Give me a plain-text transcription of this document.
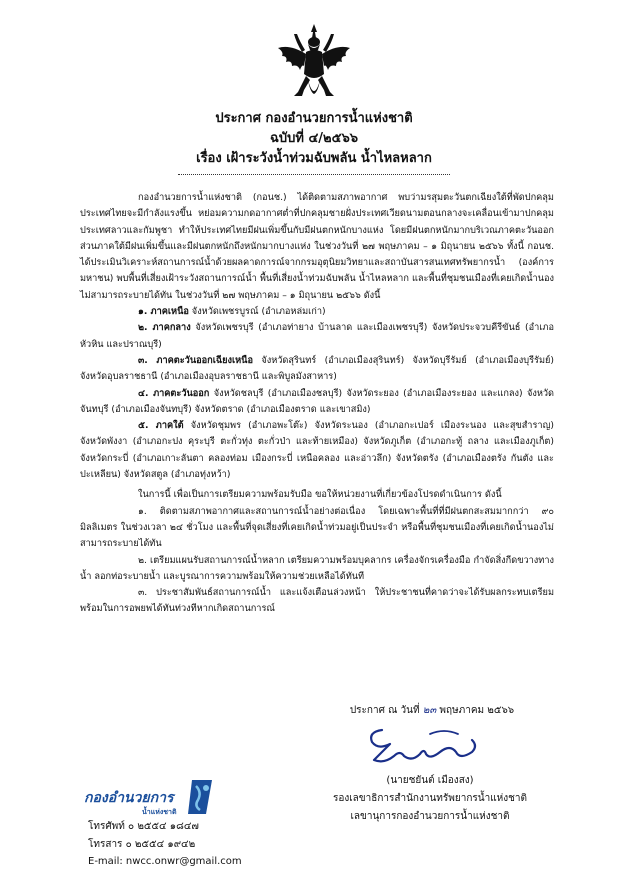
ประกาศ กองอำนวยการน้ำแห่งชาติ
ฉบับที่ ๔/๒๕๖๖
เรื่อง เฝ้าระวังน้ำท่วมฉับพลัน น้ำไหลหลาก

กองอำนวยการน้ำแห่งชาติ (กอนช.) ได้ติดตามสภาพอากาศ พบว่ามรสุมตะวันตกเฉียงใต้ที่พัดปกคลุมประเทศไทยจะมีกำลังแรงขึ้น หย่อมความกดอากาศต่ำที่ปกคลุมชายฝั่งประเทศเวียดนามตอนกลางจะเคลื่อนเข้ามาปกคลุมประเทศลาวและกัมพูชา ทำให้ประเทศไทยมีฝนเพิ่มขึ้นกับมีฝนตกหนักบางแห่ง โดยมีฝนตกหนักมากบริเวณภาคตะวันออก ส่วนภาคใต้มีฝนเพิ่มขึ้นและมีฝนตกหนักถึงหนักมากบางแห่ง ในช่วงวันที่ ๒๗ พฤษภาคม – ๑ มิถุนายน ๒๕๖๖ ทั้งนี้ กอนช. ได้ประเมินวิเคราะห์สถานการณ์น้ำด้วยผลคาดการณ์จากกรมอุตุนิยมวิทยาและสถาบันสารสนเทศทรัพยากรน้ำ (องค์การมหาชน) พบพื้นที่เสี่ยงเฝ้าระวังสถานการณ์น้ำ พื้นที่เสี่ยงน้ำท่วมฉับพลัน น้ำไหลหลาก และพื้นที่ชุมชนเมืองที่เคยเกิดน้ำนองไม่สามารถระบายได้ทัน ในช่วงวันที่ ๒๗ พฤษภาคม – ๑ มิถุนายน ๒๕๖๖ ดังนี้

๑. ภาคเหนือ จังหวัดเพชรบูรณ์ (อำเภอหล่มเก่า)

๒. ภาคกลาง จังหวัดเพชรบุรี (อำเภอท่ายาง บ้านลาด และเมืองเพชรบุรี) จังหวัดประจวบคีรีขันธ์ (อำเภอหัวหิน และปราณบุรี)

๓. ภาคตะวันออกเฉียงเหนือ จังหวัดสุรินทร์ (อำเภอเมืองสุรินทร์) จังหวัดบุรีรัมย์ (อำเภอเมืองบุรีรัมย์) จังหวัดอุบลราชธานี (อำเภอเมืองอุบลราชธานี และพิบูลมังสาหาร)

๔. ภาคตะวันออก จังหวัดชลบุรี (อำเภอเมืองชลบุรี) จังหวัดระยอง (อำเภอเมืองระยอง และแกลง) จังหวัดจันทบุรี (อำเภอเมืองจันทบุรี) จังหวัดตราด (อำเภอเมืองตราด และเขาสมิง)

๕. ภาคใต้ จังหวัดชุมพร (อำเภอพะโต๊ะ) จังหวัดระนอง (อำเภอกะเปอร์ เมืองระนอง และสุขสำราญ) จังหวัดพังงา (อำเภอกะปง คุระบุรี ตะกั่วทุ่ง ตะกั่วป่า และท้ายเหมือง) จังหวัดภูเก็ต (อำเภอกะทู้ ถลาง และเมืองภูเก็ต) จังหวัดกระบี่ (อำเภอเกาะลันตา คลองท่อม เมืองกระบี่ เหนือคลอง และอ่าวลึก) จังหวัดตรัง (อำเภอเมืองตรัง กันตัง และปะเหลียน) จังหวัดสตูล (อำเภอทุ่งหว้า)

ในการนี้ เพื่อเป็นการเตรียมความพร้อมรับมือ ขอให้หน่วยงานที่เกี่ยวข้องโปรดดำเนินการ ดังนี้

๑. ติดตามสภาพอากาศและสถานการณ์น้ำอย่างต่อเนื่อง โดยเฉพาะพื้นที่ที่มีฝนตกสะสมมากกว่า ๙๐ มิลลิเมตร ในช่วงเวลา ๒๔ ชั่วโมง และพื้นที่จุดเสี่ยงที่เคยเกิดน้ำท่วมอยู่เป็นประจำ หรือพื้นที่ชุมชนเมืองที่เคยเกิดน้ำนองไม่สามารถระบายได้ทัน

๒. เตรียมแผนรับสถานการณ์น้ำหลาก เตรียมความพร้อมบุคลากร เครื่องจักรเครื่องมือ กำจัดสิ่งกีดขวางทางน้ำ ลอกท่อระบายน้ำ และบูรณาการความพร้อมให้ความช่วยเหลือได้ทันที

๓. ประชาสัมพันธ์สถานการณ์น้ำ และแจ้งเตือนล่วงหน้า ให้ประชาชนที่คาดว่าจะได้รับผลกระทบเตรียมพร้อมในการอพยพได้ทันท่วงทีหากเกิดสถานการณ์

ประกาศ ณ วันที่ ๒๓ พฤษภาคม ๒๕๖๖
(นายชยันต์ เมืองสง)
รองเลขาธิการสำนักงานทรัพยากรน้ำแห่งชาติ
เลขานุการกองอำนวยการน้ำแห่งชาติ
กองอำนวยการ
น้ำแห่งชาติ
โทรศัพท์ ๐ ๒๕๕๔ ๑๘๔๗
โทรสาร ๐ ๒๕๕๔ ๑๙๔๒
E-mail: nwcc.onwr@gmail.com
